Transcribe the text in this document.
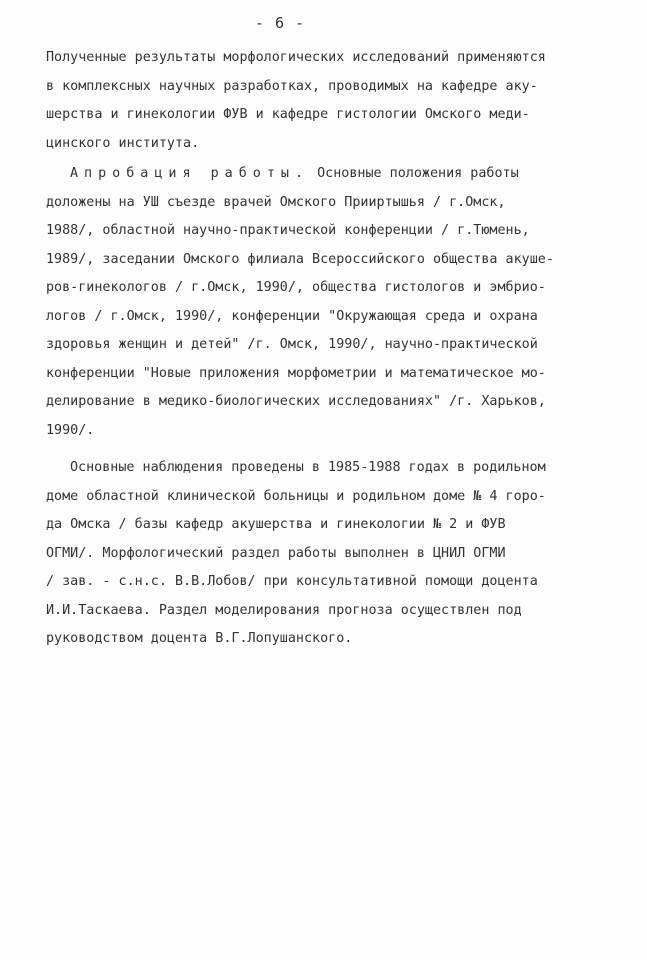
- 6 -
Полученные результаты морфологических исследований применяются
в комплексных научных разработках, проводимых на кафедре аку-
шерства и гинекологии ФУВ и кафедре гистологии Омского меди-
цинского института.
Апробация работы. Основные положения работы
доложены на УШ съезде врачей Омского Прииртышья / г.Омск,
1988/, областной научно-практической конференции / г.Тюмень,
1989/, заседании Омского филиала Всероссийского общества акуше-
ров-гинекологов / г.Омск, 1990/, общества гистологов и эмбрио-
логов / г.Омск, 1990/, конференции "Окружающая среда и охрана
здоровья женщин и детей" /г. Омск, 1990/, научно-практической
конференции "Новые приложения морфометрии и математическое мо-
делирование в медико-биологических исследованиях" /г. Харьков,
1990/.
Основные наблюдения проведены в 1985-1988 годах в родильном
доме областной клинической больницы и родильном доме № 4 горо-
да Омска / базы кафедр акушерства и гинекологии № 2 и ФУВ
ОГМИ/. Морфологический раздел работы выполнен в ЦНИЛ ОГМИ
/ зав. - с.н.с. В.В.Лобов/ при консультативной помощи доцента
И.И.Таскаева. Раздел моделирования прогноза осуществлен под
руководством доцента В.Г.Лопушанского.
